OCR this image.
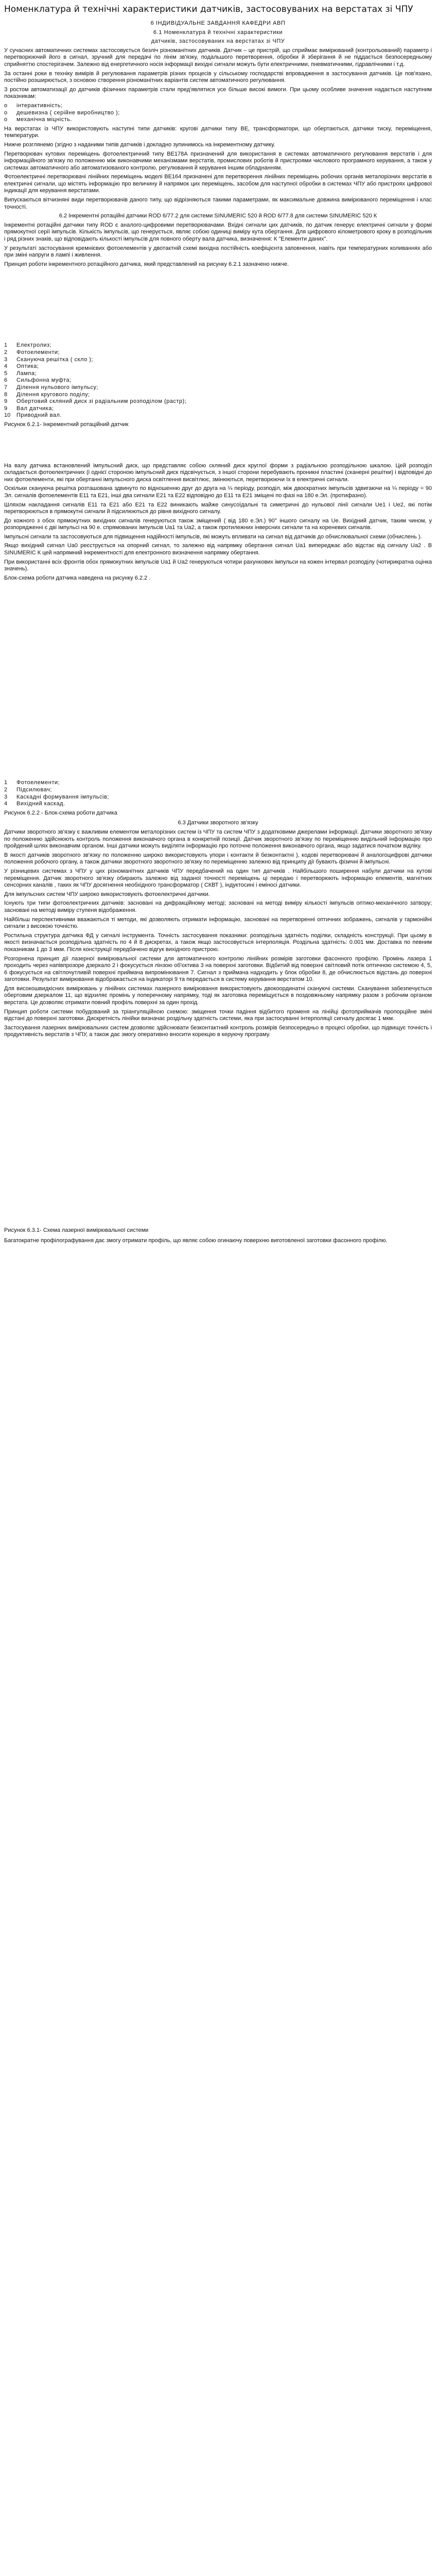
Номенклатура й технічні характеристики датчиків, застосовуваних на верстатах зі ЧПУ

6 ІНДИВІДУАЛЬНЕ ЗАВДАННЯ КАФЕДРИ АВП

6.1 Номенклатура й технічні характеристики

датчиків, застосовуваних на верстатах зі ЧПУ

У сучасних автоматичних системах застосовується безліч різноманітних датчиків. Датчик – це пристрій, що сприймає вимірюваний (контрольований) параметр і перетворюючий його в сигнал, зручний для передачі по лінім зв'язку, подальшого перетворення, обробки й зберігання й не піддається безпосередньому сприйняттю спостерігачем. Залежно від енергетичного носія інформації вихідні сигнали можуть бути електричними, пневматичними, гідравлічними і т.д.

За останні роки в техніку вимірів й регулювання параметрів різних процесів у сільському господарстві впровадження в застосування датчиків. Це пов'язано, постійно розширюється, з основою створення різноманітних варіантів систем автоматичного регулювання.

З ростом автоматизації до датчиків фізичних параметрів стали пред'являтися усе більше високі вимоги. При цьому особливе значення надається наступним показникам:

о	інтерактивність;
о	дешевизна ( серійне виробництво );
о	механічна міцність.

На верстатах із ЧПУ використовують наступні типи датчиків: кругові датчики типу ВЕ, трансформатори, що обертаються, датчики тиску, переміщення, температури.

Нижче розглянемо (згідно з наданими типів датчиків і докладно зупинимось на інкрементному датчику.

Перетворювач кутових переміщень фотоелектричний типу ВЕ178А призначений для використання в системах автоматичного регулювання верстатів і для інформаційного зв'язку по положенню між виконавчими механізмами верстатів, промислових роботів й пристроями числового програмного керування, а також у системах автоматичного або автоматизованого контролю, регулювання й керування іншим обладнанням.

Фотоелектричні перетворювачі лінійних переміщень моделі ВЕ164 призначені для перетворення лінійних переміщень робочих органів металорізних верстатів в електричні сигнали, що містять інформацію про величину й напрямок цих переміщень, засобом для наступної обробки в системах ЧПУ або пристроях цифрової індикації для керування верстатами.

Випускаються вітчизняні види перетворювачів даного типу, що відрізняються такими параметрами, як максимальне довжина вимірюваного переміщення і клас точності.

6.2 Інкрементні ротаційні датчики ROD 6/77.2 для системи SINUMERIC 520 й ROD 6/77.8 для системи SINUMERIC 520 К

Інкрементні ротаційні датчики типу ROD є аналого-цифровими перетворювачами. Вхідні сигнали цих датчиків, по датчик генерує електричні сигнали у формі прямокутної серії імпульсів. Кількість імпульсів, що генерується, являє собою одиниці виміру кута обертання. Для цифрового кілометрового кроку в розподільник і ряд різних знаків, що відповідають кількості імпульсів для повного оберту вала датчика, визначення: К "Елементи даних".

У результаті застосування кремнієвих фотоелементів у двотактній схемі вихідна постійність коефіцієнта заповнення, навіть при температурних коливаннях або при зміні напруги в лампі і живлення.

Принцип роботи інкрементного ротаційного датчика, який представлений на рисунку 6.2.1 зазначено нижче.

1	Електролиз;
2	Фотоелементи;
3	Скануюча решітка ( скло );
4	Оптика;
5	Лампа;
6	Сильфонна муфта;
7	Ділення нульового імпульсу;
8	Ділення кругового поділу;
9	Обертовий скляний диск зі радіальним розподілом (растр);
9	Вал датчика;
10	Приводний вал.

Рисунок 6.2.1- Інкрементний ротаційний датчик

На валу датчика встановлений імпульсний диск, що представляє собою скляний диск круглої форми з радіальною розподільною шкалою. Цей розподіл складається фотоелектричних (і однієї стороною імпульсний диск підсвічується, з іншої сторони перебувають проникні пластині (сканерні решітки) і відповідні до них фотоелементи, які при обертанні імпульсного диска освітлення висвітлює, змінюються, перетворюючи їх в електричні сигнали.

Оскільки скануюча решітка розташована здвинуто по відношенню друг до друга на ¼ періоду, розподіл, між двоєкратних імпульсів здвигаючи на ¼ періоду = 90 Эл. сигналів фотоелементів Е11 та Е21, інші два сигнали Е21 та Е22 відповідно до Е11 та Е21 зміщені по фазі на 180 е.Эл. (протифазно).

Шляхом накладання сигналів Е11 та Е21 або Е21 та Е22 виникають майже синусоїдальні та симетричні до нульової лінії сигнали Ue1 і Ue2, які потім перетворюються в прямокутні сигнали й підсилюються до рівня вихідного сигналу.

До кожного з обох прямокутних вихідних сигналів генеруються також зміщений ( від 180 е.Эл.) 90° іншого сигналу на Ue. Вихідний датчик, таким чином, у розпорядженні є дві імпульсі на 90 е. спрямованих імпульсів Ua1 та Ua2, а також протилежних інверсних сигнали та на кореневих сигналів.

Імпульсні сигнали та застосовуються для підвищення надійності імпульсів, які можуть впливати на сигнал від датчиків до обчислювальної схеми (обчислень ).

Якщо вихідний сигнал Ua0 реєструється на опорний сигнал, то залежно від напрямку обертання сигнал Ua1 випереджає або відстає від сигналу Ua2 . В SINUMERIC К цей напрямний інкрементності для електронного визначення напрямку обертання.

При використанні всіх фронтів обох прямокутних імпульсів Ua1 й Ua2 генеруються чотири рахункових імпульси на кожен інтервал розподілу (чотирикратна оцінка значень).

Блок-схема роботи датчика наведена на рисунку 6.2.2 .

1	Фотоелементи;
2	Підсилювач;
3	Каскадні формування імпульсів;
4	Вихідний каскад.

Рисунок 6.2.2 - Блок-схема роботи датчика

6.3 Датчики зворотного зв'язку

Датчики зворотного зв'язку є важливим елементом металорізних систем із ЧПУ та систем ЧПУ з додатковими джерелами інформації. Датчики зворотного зв'язку по положенню здійснюють контроль положення виконавчого органа в конкретній позиції. Датчик зворотного зв'язку по переміщенню видільний інформацію про пройдений шлях виконавчим органом. Інші датчики можуть виділяти інформацію про поточне положення виконавчого органа, якщо задатися початком відліку.

В якості датчиків зворотного зв'язку по положенню широко використовують упори і контакти й безконтактні ), кодові перетворювачі й аналогоцифрові датчики положення робочого органу, а також датчики зворотного зворотного зв'язку по переміщенню залежно від принципу дії бувають фізичні й імпульсні.

У різницевих системах з ЧПУ у цих різноманітних датчиків ЧПУ передбачений на один тип датчиків . Найбільшого поширення набули датчики на кутові переміщення. Датчик зворотного зв'язку обирають залежно від заданої точності переміщень ці передаю і перетворюють інформацію елементів, магнітних сенсорних каналів , таких як ЧПУ досягнення необхідного трансформатор ( СКВТ ), індуктосині і еміносі датчики.

Для імпульсних систем ЧПУ широко використовують фотоелектричні датчики.

Існують три типи фотоелектричних датчиків: засновані на дифракційному методі; засновані на методі виміру кількості імпульсів оптико-механічного затвору; засновані на методі виміру ступеня відображення.

Найбільш перспективними вважаються ті методи, які дозволяють отримати інформацію, засновані на перетворенні оптичних зображень, сигналів у гармонійні сигнали з високою точністю.

Ростильна структура датчика ФД у сигналі інструмента. Точність застосування показники: розподільна здатність поділки, складність конструкції. При цьому в якості визначається розподільна здатність по 4 й 8 дискретах, а також якщо застосовується інтерполяція. Роздільна здатність: 0.001 мм. Доставка по певним показникам 1 до 3 мкм. Після конструкції передбачено відгук вихідного пристрою.

Розгорнена принцип дії лазерної вимірювальної системи для автоматичного контролю лінійних розмірів заготовки фасонного профілю. Промінь лазера 1 проходить через напівпрозоре дзеркало 2 і фокусується лінзою об'єктива 3 на поверхні заготовки. Відбитий від поверхні світловий потік оптичною системою 4, 5, 6 фокусується на світлочутливій поверхні приймача випромінювання 7. Сигнал з приймача надходить у блок обробки 8, де обчислюється відстань до поверхні заготовки. Результат вимірювання відображається на індикаторі 9 та передається в систему керування верстатом 10.

Для високошвидкісних вимірювань у лінійних системах лазерного вимірювання використовують двокоординатні скануючі системи. Сканування забезпечується обертовим дзеркалом 11, що відхиляє промінь у поперечному напрямку, тоді як заготовка переміщується в поздовжньому напрямку разом з робочим органом верстата. Це дозволяє отримати повний профіль поверхні за один прохід.

Принцип роботи системи побудований за тріангуляційною схемою: зміщення точки падіння відбитого променя на лінійці фотоприймачів пропорційне зміні відстані до поверхні заготовки. Дискретність лінійки визначає роздільну здатність системи, яка при застосуванні інтерполяції сигналу досягає 1 мкм.

Застосування лазерних вимірювальних систем дозволяє здійснювати безконтактний контроль розмірів безпосередньо в процесі обробки, що підвищує точність і продуктивність верстатів з ЧПУ, а також дає змогу оперативно вносити корекцію в керуючу програму.

Рисунок 6.3.1- Схема лазерної вимірювальної системи

Багатократне профілографування дає змогу отримати профіль, що являє собою огинаючу поверхню виготовленої заготовки фасонного профілю.
